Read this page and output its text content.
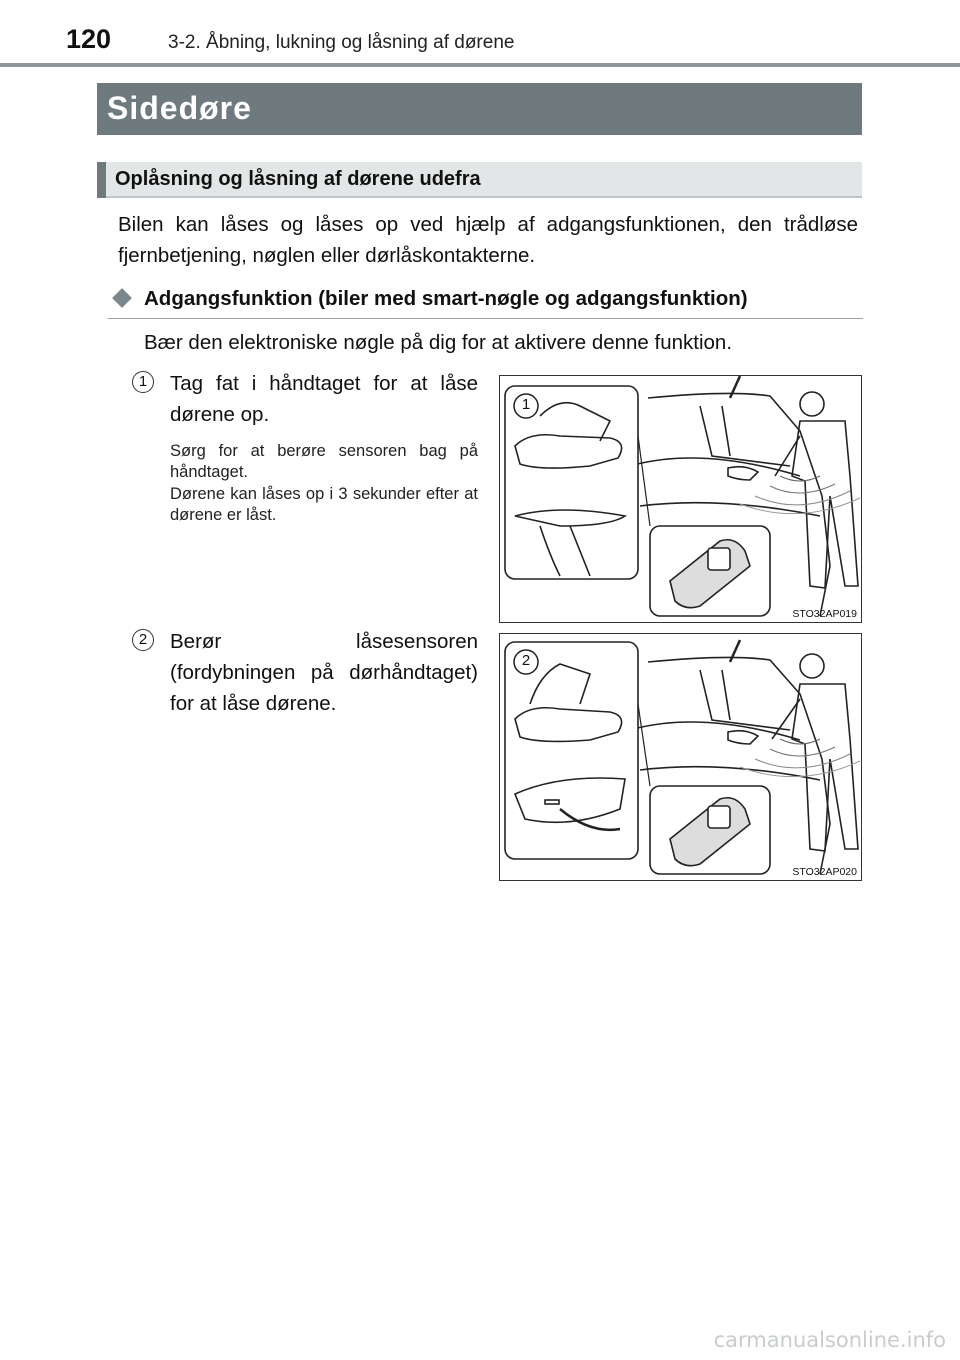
120	3-2. Åbning, lukning og låsning af dørene
Sidedøre
Oplåsning og låsning af dørene udefra

Bilen kan låses og låses op ved hjælp af adgangsfunktionen, den trådløse fjernbetjening, nøglen eller dørlåskontakterne.

Adgangsfunktion (biler med smart-nøgle og adgangsfunktion)
Bær den elektroniske nøgle på dig for at aktivere denne funktion.
1	Tag fat i håndtaget for at låse dørene op.
Sørg for at berøre sensoren bag på håndtaget.
Dørene kan låses op i 3 sekunder efter at dørene er låst.
1
STO32AP019
2	Berør låsesensoren (fordybningen på dørhåndtaget) for at låse dørene.
2
STO32AP020
carmanualsonline.info
